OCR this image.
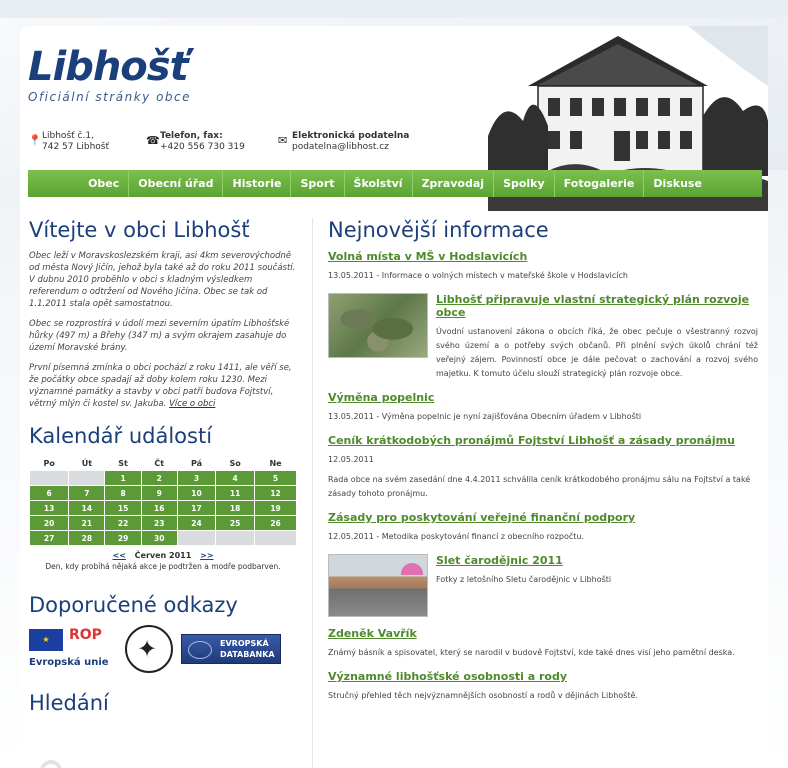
Libhošť
Oficiální stránky obce
📍 Libhošť č.1,
742 57 Libhošť	☎ Telefon, fax:
+420 556 730 319	✉ Elektronická podatelna
podatelna@libhost.cz
Obec	Obecní úřad	Historie	Sport	Školství	Zpravodaj	Spolky	Fotogalerie	Diskuse
Vítejte v obci Libhošť

Obec leží v Moravskoslezském kraji, asi 4km severovýchodně od města Nový Jičín, jehož byla také až do roku 2011 součástí. V dubnu 2010 proběhlo v obci s kladným výsledkem referendum o odtržení od Nového Jičína. Obec se tak od 1.1.2011 stala opět samostatnou.

Obec se rozprostírá v údolí mezi severním úpatím Libhošťské hůrky (497 m) a Břehy (347 m) a svým okrajem zasahuje do území Moravské brány.

První písemná zmínka o obci pochází z roku 1411, ale věří se, že počátky obce spadají až doby kolem roku 1230. Mezi významné památky a stavby v obci patří budova Fojtství, větrný mlýn či kostel sv. Jakuba. Více o obci

Kalendář událostí
Po	Út	St	Čt	Pá	So	Ne
		1	2	3	4	5
6	7	8	9	10	11	12
13	14	15	16	17	18	19
20	21	22	23	24	25	26
27	28	29	30			
<< Červen 2011 >>
Den, kdy probíhá nějaká akce je podtržen a modře podbarven.
Doporučené odkazy
★	ROP
Evropská unie ✦	EVROPSKÁ
DATABANKA
Hledání
Nejnovější informace
Volná místa v MŠ v Hodslavicích
13.05.2011 - Informace o volných místech v mateřské škole v Hodslavicích
Libhošť připravuje vlastní strategický plán rozvoje obce
Úvodní ustanovení zákona o obcích říká, že obec pečuje o všestranný rozvoj svého území a o potřeby svých občanů. Při plnění svých úkolů chrání též veřejný zájem. Povinností obce je dále pečovat o zachování a rozvoj svého majetku. K tomuto účelu slouží strategický plán rozvoje obce.
Výměna popelnic
13.05.2011 - Výměna popelnic je nyní zajišťována Obecním úřadem v Libhošti
Ceník krátkodobých pronájmů Fojtství Libhošť a zásady pronájmu
12.05.2011
Rada obce na svém zasedání dne 4.4.2011 schválila ceník krátkodobého pronájmu sálu na Fojtství a také zásady tohoto pronájmu.
Zásady pro poskytování veřejné finanční podpory
12.05.2011 - Metodika poskytování financí z obecního rozpočtu.
Slet čarodějnic 2011
Fotky z letošního Sletu čarodějnic v Libhošti
Zdeněk Vavřík
Známý básník a spisovatel, který se narodil v budově Fojtství, kde také dnes visí jeho pamětní deska.
Významné libhošťské osobnosti a rody
Stručný přehled těch nejvýznamnějších osobností a rodů v dějinách Libhoště.
